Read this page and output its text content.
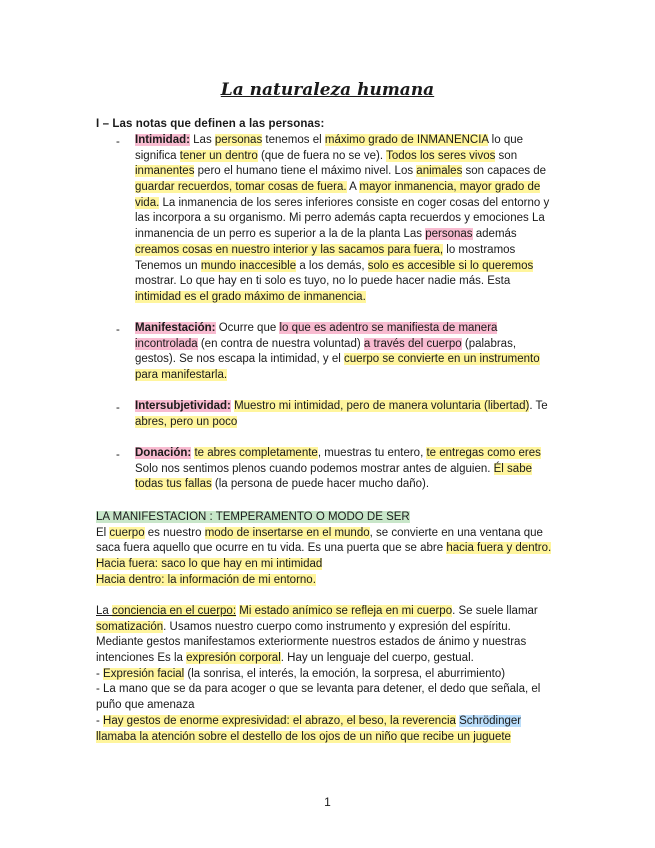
La naturaleza humana
I – Las notas que definen a las personas:
- Intimidad: Las personas tenemos el máximo grado de INMANENCIA lo que
significa tener un dentro (que de fuera no se ve). Todos los seres vivos son
inmanentes pero el humano tiene el máximo nivel. Los animales son capaces de
guardar recuerdos, tomar cosas de fuera. A mayor inmanencia, mayor grado de
vida. La inmanencia de los seres inferiores consiste en coger cosas del entorno y
las incorpora a su organismo. Mi perro además capta recuerdos y emociones La
inmanencia de un perro es superior a la de la planta Las personas además
creamos cosas en nuestro interior y las sacamos para fuera, lo mostramos
Tenemos un mundo inaccesible a los demás, solo es accesible si lo queremos
mostrar. Lo que hay en ti solo es tuyo, no lo puede hacer nadie más. Esta
intimidad es el grado máximo de inmanencia.
- Manifestación: Ocurre que lo que es adentro se manifiesta de manera
incontrolada (en contra de nuestra voluntad) a través del cuerpo (palabras,
gestos). Se nos escapa la intimidad, y el cuerpo se convierte en un instrumento
para manifestarla.
- Intersubjetividad: Muestro mi intimidad, pero de manera voluntaria (libertad). Te
abres, pero un poco
- Donación: te abres completamente, muestras tu entero, te entregas como eres
Solo nos sentimos plenos cuando podemos mostrar antes de alguien. Él sabe
todas tus fallas (la persona de puede hacer mucho daño).
LA MANIFESTACION : TEMPERAMENTO O MODO DE SER
El cuerpo es nuestro modo de insertarse en el mundo, se convierte en una ventana que
saca fuera aquello que ocurre en tu vida. Es una puerta que se abre hacia fuera y dentro.
Hacia fuera: saco lo que hay en mi intimidad
Hacia dentro: la información de mi entorno.
La conciencia en el cuerpo: Mi estado anímico se refleja en mi cuerpo. Se suele llamar
somatización. Usamos nuestro cuerpo como instrumento y expresión del espíritu.
Mediante gestos manifestamos exteriormente nuestros estados de ánimo y nuestras
intenciones Es la expresión corporal. Hay un lenguaje del cuerpo, gestual.
- Expresión facial (la sonrisa, el interés, la emoción, la sorpresa, el aburrimiento)
- La mano que se da para acoger o que se levanta para detener, el dedo que señala, el
puño que amenaza
- Hay gestos de enorme expresividad: el abrazo, el beso, la reverencia Schrödinger
llamaba la atención sobre el destello de los ojos de un niño que recibe un juguete
1
